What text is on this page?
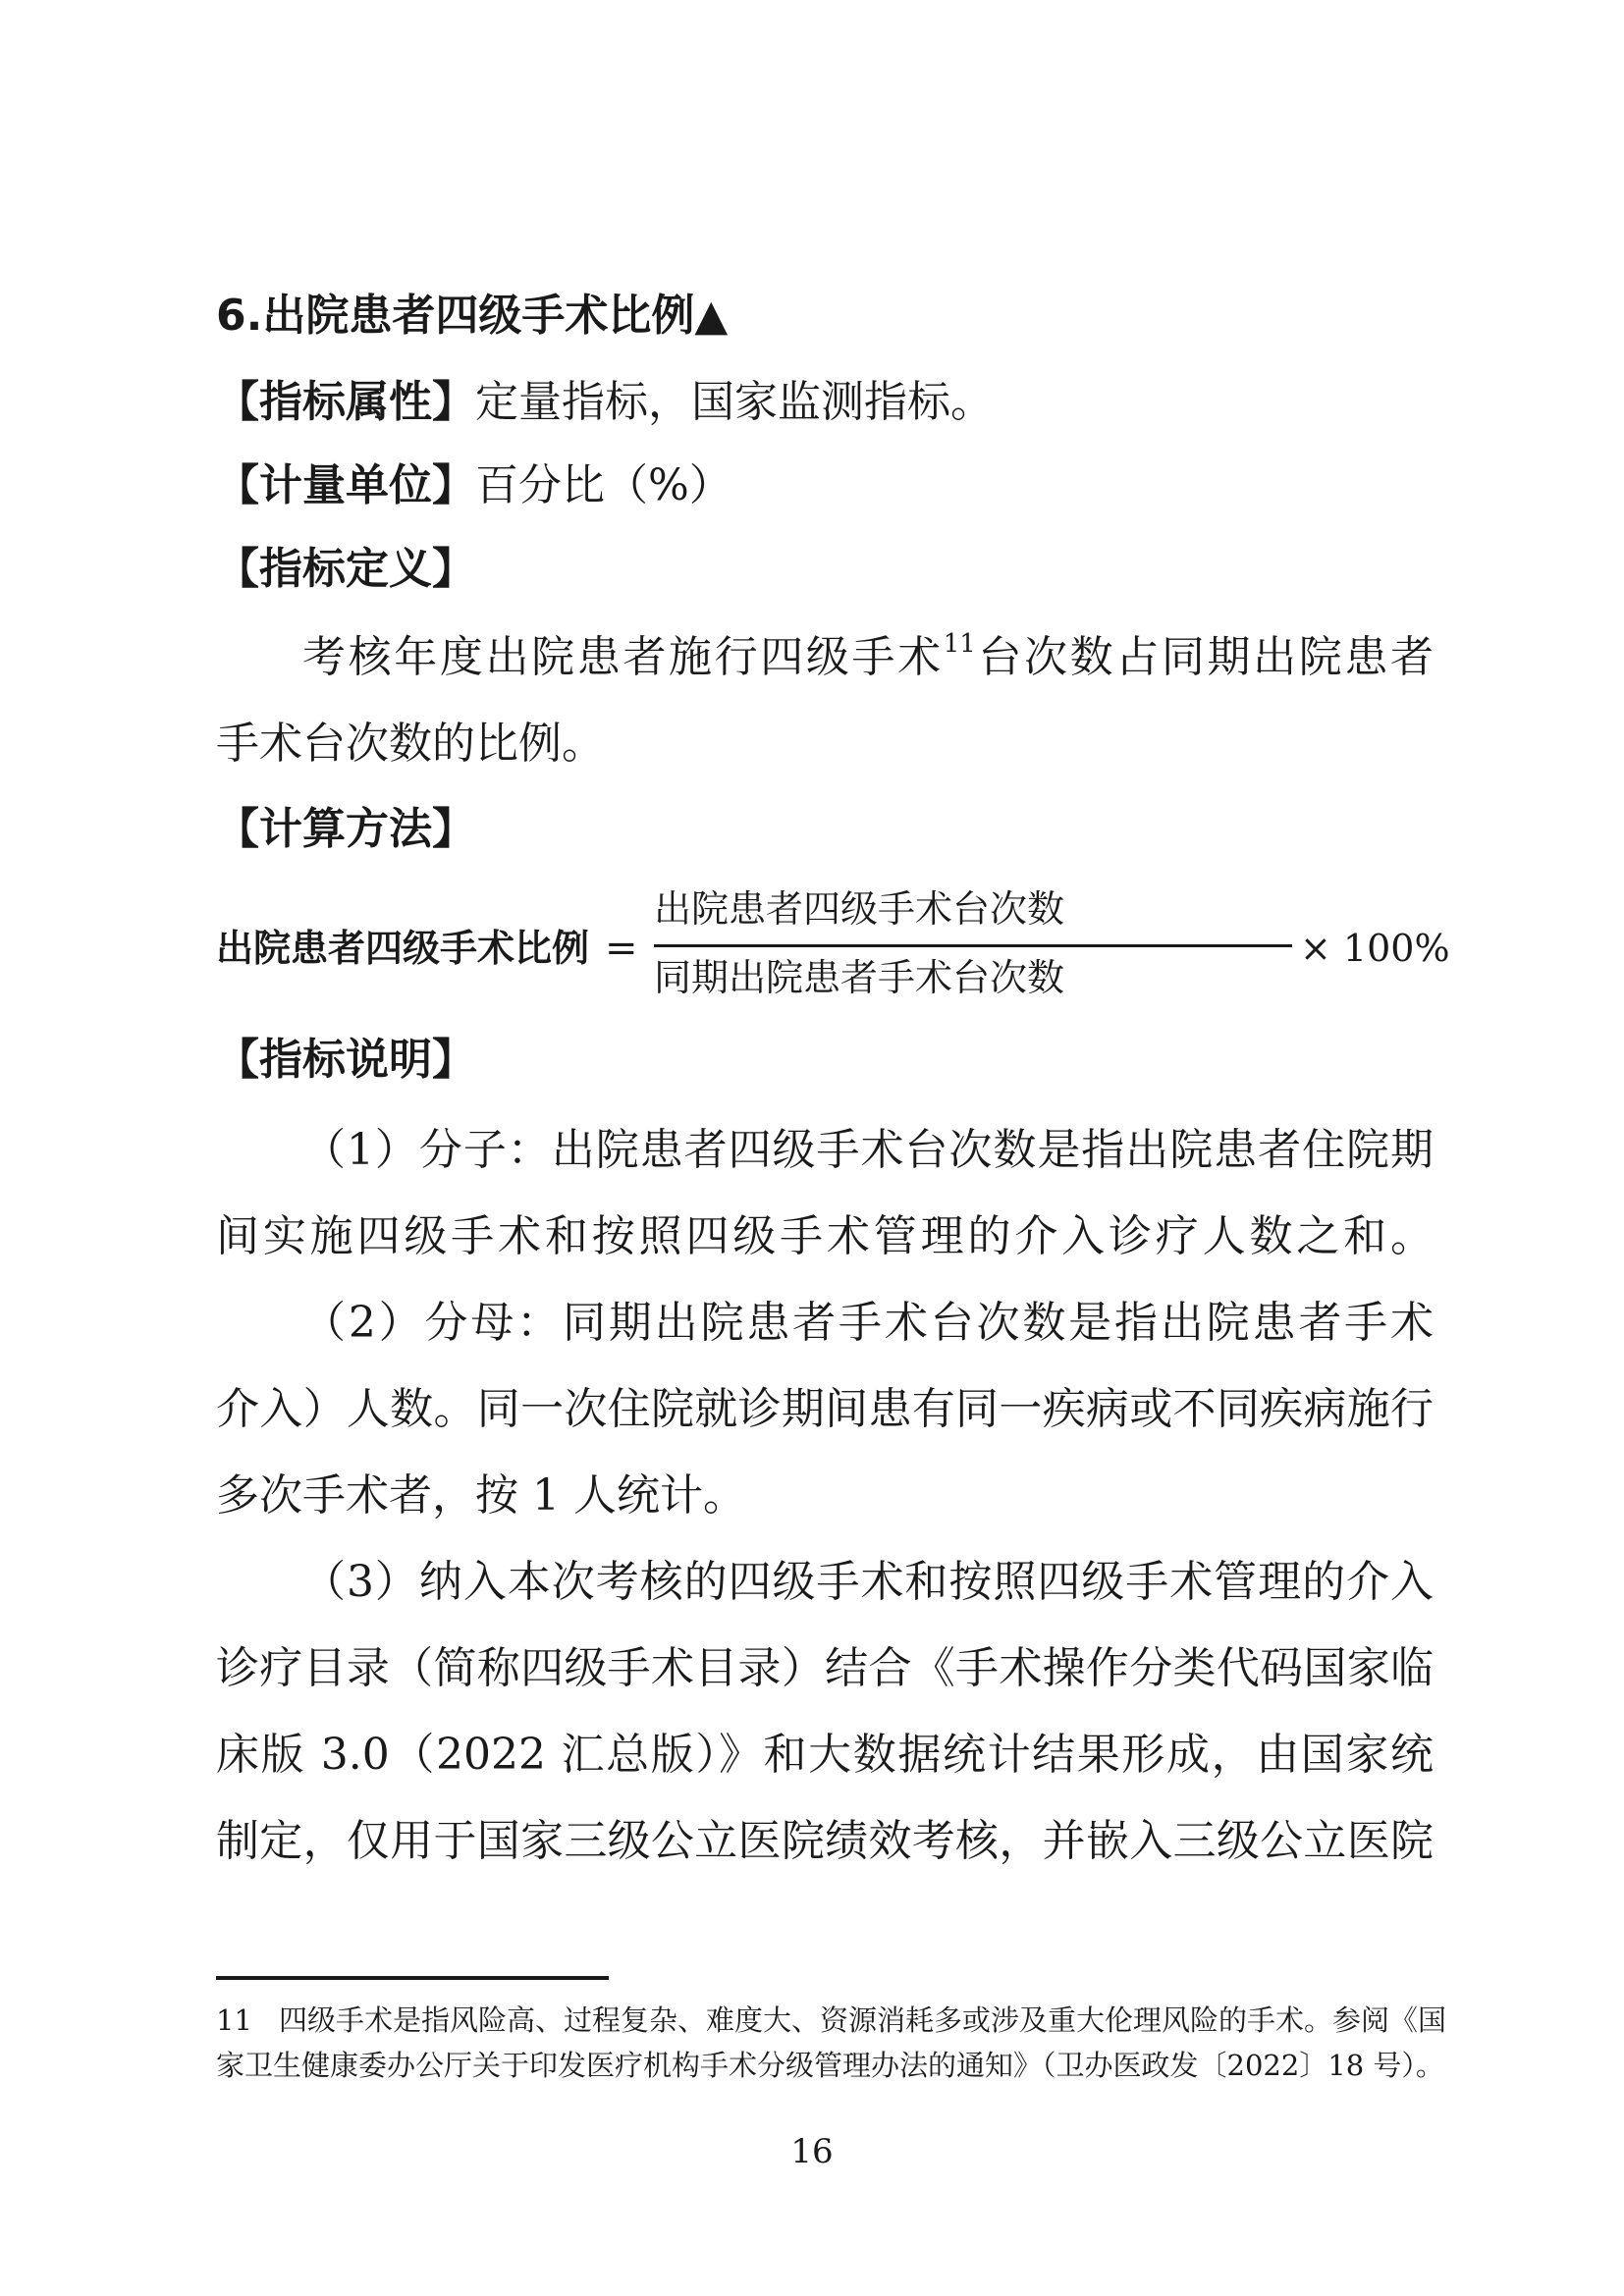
6.出院患者四级手术比例▲
【指标属性】定量指标，国家监测指标。
【计量单位】百分比（%）
【指标定义】
考核年度出院患者施行四级手术$^{11}$台次数占同期出院患者
手术台次数的比例。
【计算方法】
出院患者四级手术比例 =
出院患者四级手术台次数
同期出院患者手术台次数
× 100%
【指标说明】
（1）分子：出院患者四级手术台次数是指出院患者住院期
间实施四级手术和按照四级手术管理的介入诊疗人数之和。
（2）分母：同期出院患者手术台次数是指出院患者手术
介入）人数。同一次住院就诊期间患有同一疾病或不同疾病施行
多次手术者，按 1 人统计。
（3）纳入本次考核的四级手术和按照四级手术管理的介入
诊疗目录（简称四级手术目录）结合《手术操作分类代码国家临
床版 3.0（2022 汇总版）》和大数据统计结果形成，由国家统
制定，仅用于国家三级公立医院绩效考核，并嵌入三级公立医院
11 四级手术是指风险高、过程复杂、难度大、资源消耗多或涉及重大伦理风险的手术。参阅《国
家卫生健康委办公厅关于印发医疗机构手术分级管理办法的通知》（卫办医政发〔2022〕18 号）。
16
